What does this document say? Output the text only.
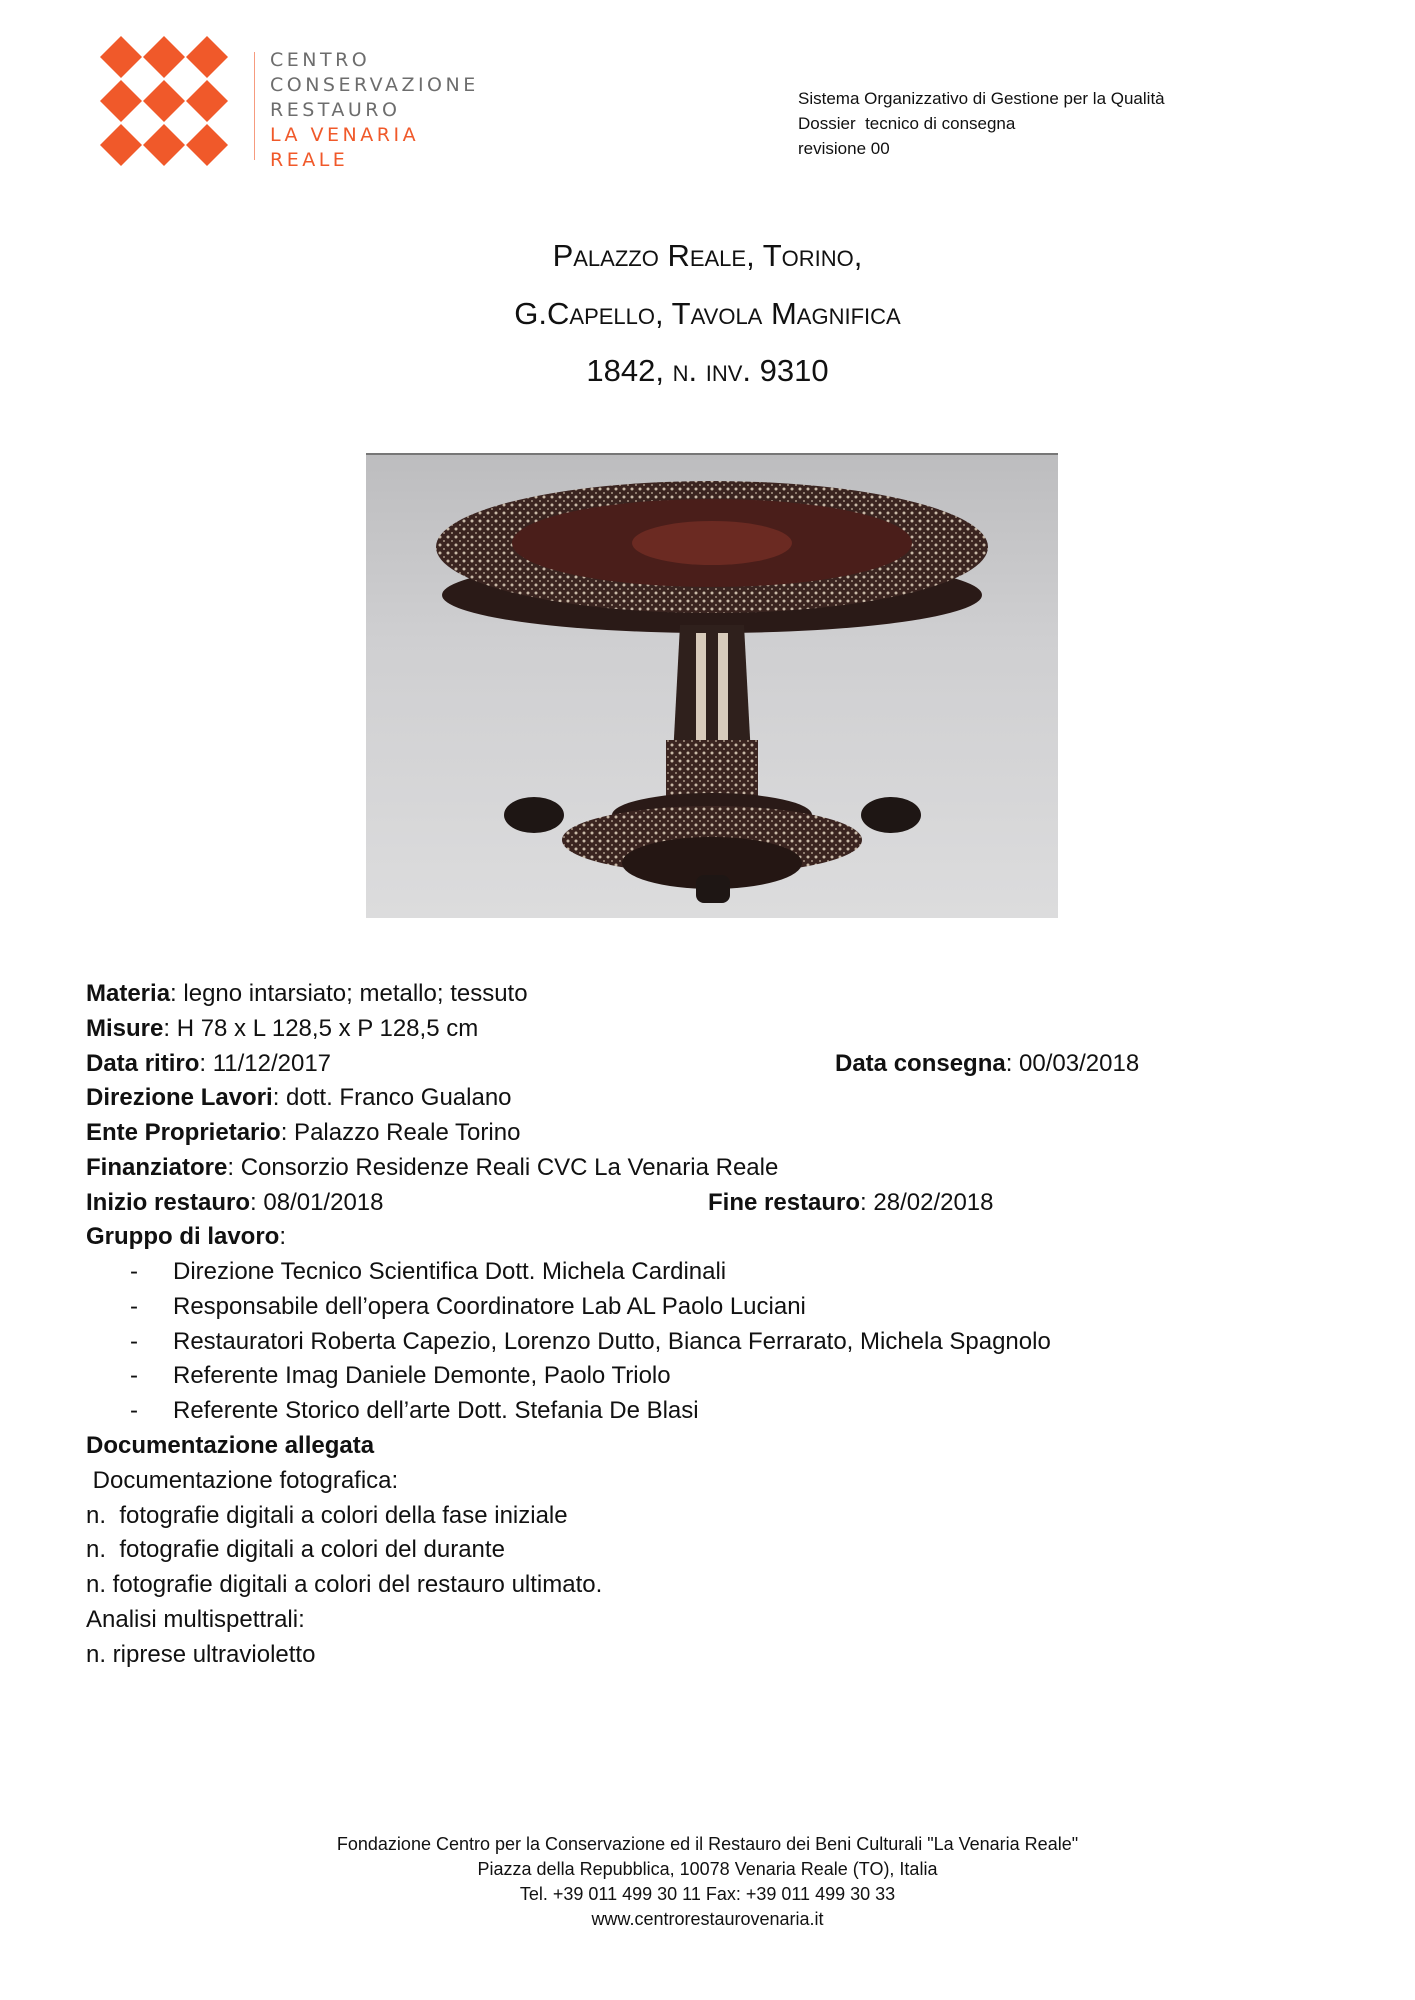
CENTRO
CONSERVAZIONE
RESTAURO
LA VENARIA REALE
Sistema Organizzativo di Gestione per la Qualità
Dossier  tecnico di consegna
revisione 00
Palazzo Reale, Torino,
G.Capello, Tavola Magnifica
1842, n. inv. 9310
Materia: legno intarsiato; metallo; tessuto
Misure: H 78 x L 128,5 x P 128,5 cm
Data ritiro: 11/12/2017	Data consegna: 00/03/2018
Direzione Lavori: dott. Franco Gualano
Ente Proprietario: Palazzo Reale Torino
Finanziatore: Consorzio Residenze Reali CVC La Venaria Reale
Inizio restauro: 08/01/2018	Fine restauro: 28/02/2018
Gruppo di lavoro:
- Direzione Tecnico Scientifica Dott. Michela Cardinali
- Responsabile dell’opera Coordinatore Lab AL Paolo Luciani
- Restauratori Roberta Capezio, Lorenzo Dutto, Bianca Ferrarato, Michela Spagnolo
- Referente Imag Daniele Demonte, Paolo Triolo
- Referente Storico dell’arte Dott. Stefania De Blasi
Documentazione allegata
Documentazione fotografica:
n.  fotografie digitali a colori della fase iniziale
n.  fotografie digitali a colori del durante
n. fotografie digitali a colori del restauro ultimato.
Analisi multispettrali:
n. riprese ultravioletto
Fondazione Centro per la Conservazione ed il Restauro dei Beni Culturali "La Venaria Reale"
Piazza della Repubblica, 10078 Venaria Reale (TO), Italia
Tel. +39 011 499 30 11 Fax: +39 011 499 30 33
www.centrorestaurovenaria.it
